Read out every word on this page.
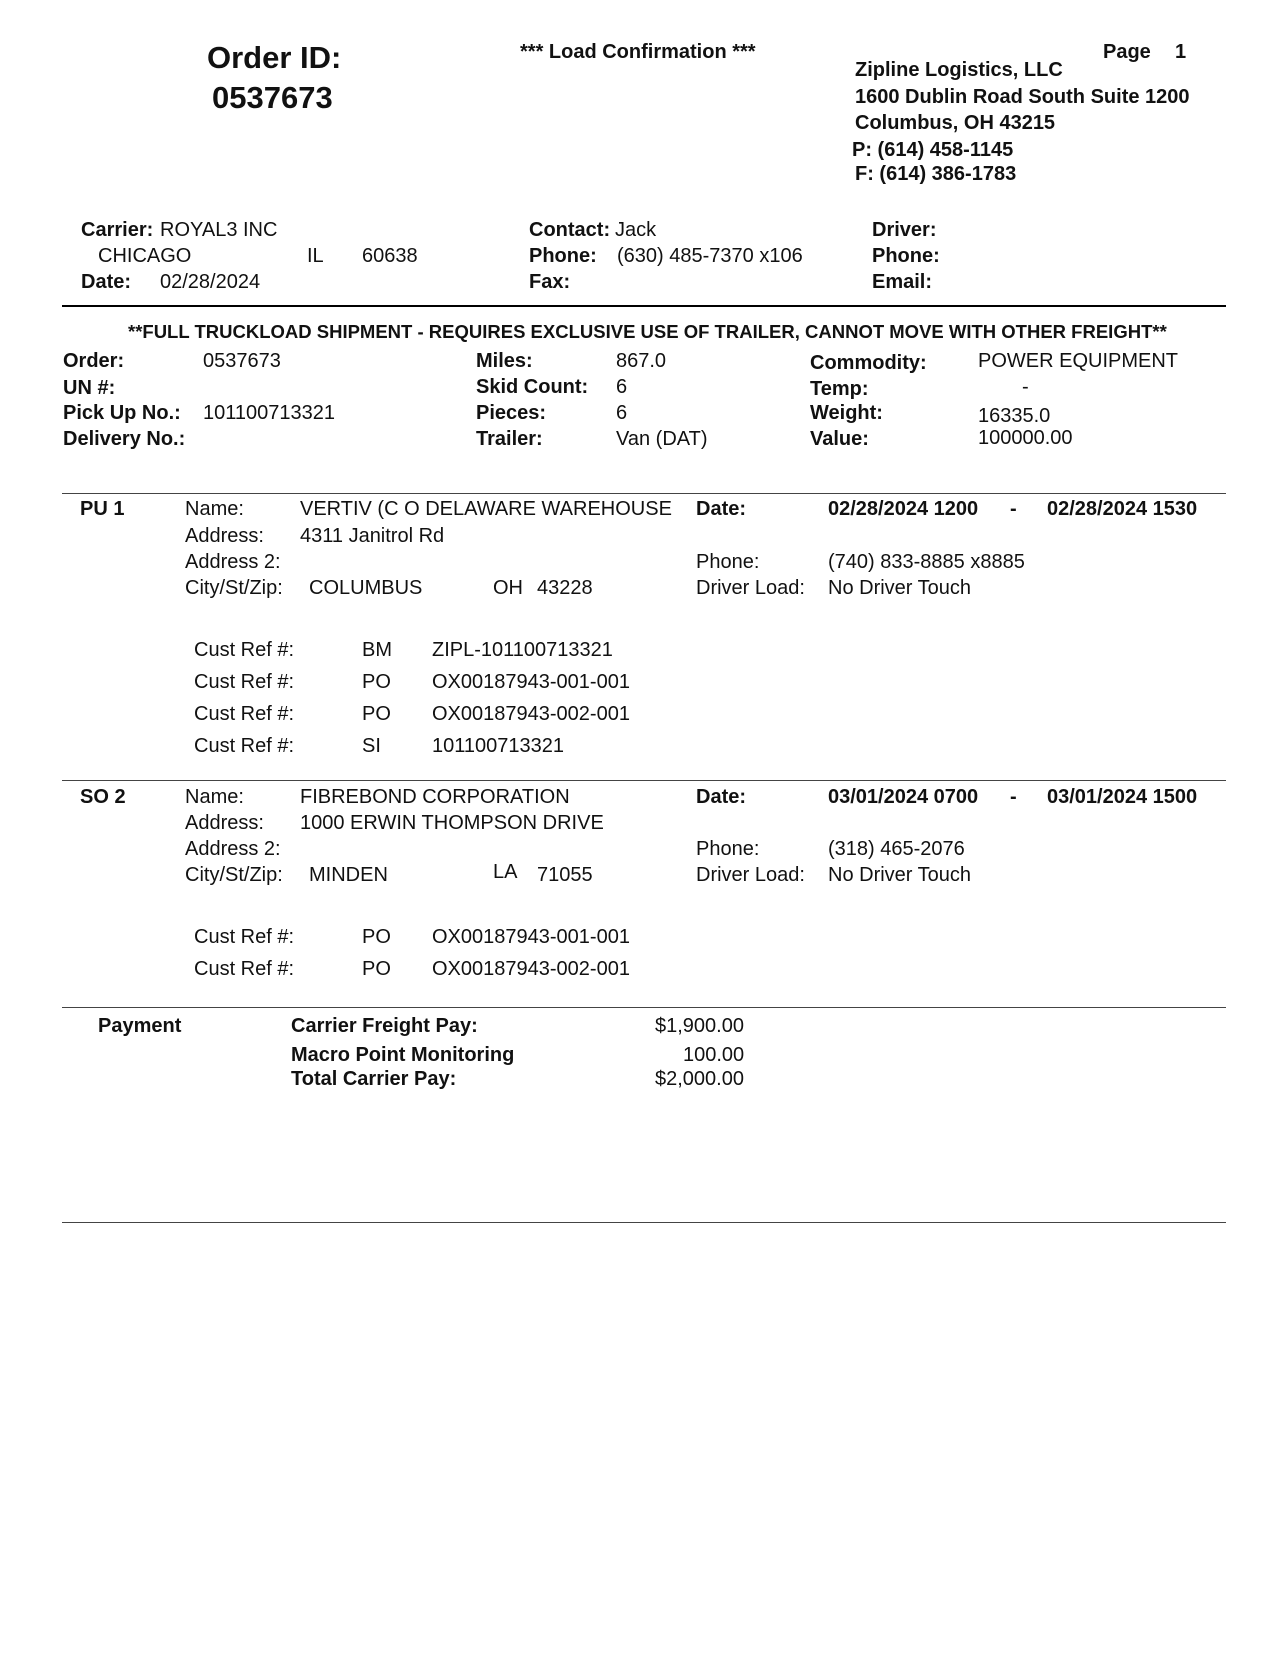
Order ID:
0537673
*** Load Confirmation ***	Page 1
Zipline Logistics, LLC
1600 Dublin Road South Suite 1200
Columbus, OH 43215
P: (614) 458-1145
F: (614) 386-1783
Carrier: ROYAL3 INC
CHICAGO	IL 60638
Date: 02/28/2024
Contact: Jack
Phone: (630) 485-7370 x106
Fax:
Driver:
Phone:
Email:
**FULL TRUCKLOAD SHIPMENT - REQUIRES EXCLUSIVE USE OF TRAILER, CANNOT MOVE WITH OTHER FREIGHT**
Order:	0537673
UN #:
Pick Up No.: 101100713321
Delivery No.:
Miles:	867.0
Skid Count: 6
Pieces:	6
Trailer:	Van (DAT)
Commodity:	POWER EQUIPMENT
Temp:	-
Weight:	16335.0
Value:	100000.00
PU 1	Name:	VERTIV (C O DELAWARE WAREHOUSE
Address: 4311 Janitrol Rd
Address 2:
City/St/Zip: COLUMBUS	OH 43228
Date:	02/28/2024 1200 - 02/28/2024 1530
Phone:	(740) 833-8885 x8885
Driver Load: No Driver Touch
Cust Ref #:	BM ZIPL-101100713321
Cust Ref #:	PO OX00187943-001-001
Cust Ref #:	PO OX00187943-002-001
Cust Ref #:	SI	101100713321
SO 2	Name:	FIBREBOND CORPORATION
Address: 1000 ERWIN THOMPSON DRIVE
Address 2:
City/St/Zip: MINDEN	LA 71055
Date:	03/01/2024 0700 - 03/01/2024 1500
Phone:	(318) 465-2076
Driver Load: No Driver Touch
Cust Ref #:	PO OX00187943-001-001
Cust Ref #:	PO OX00187943-002-001
Payment	Carrier Freight Pay:	$1,900.00
Macro Point Monitoring	100.00
Total Carrier Pay:	$2,000.00
